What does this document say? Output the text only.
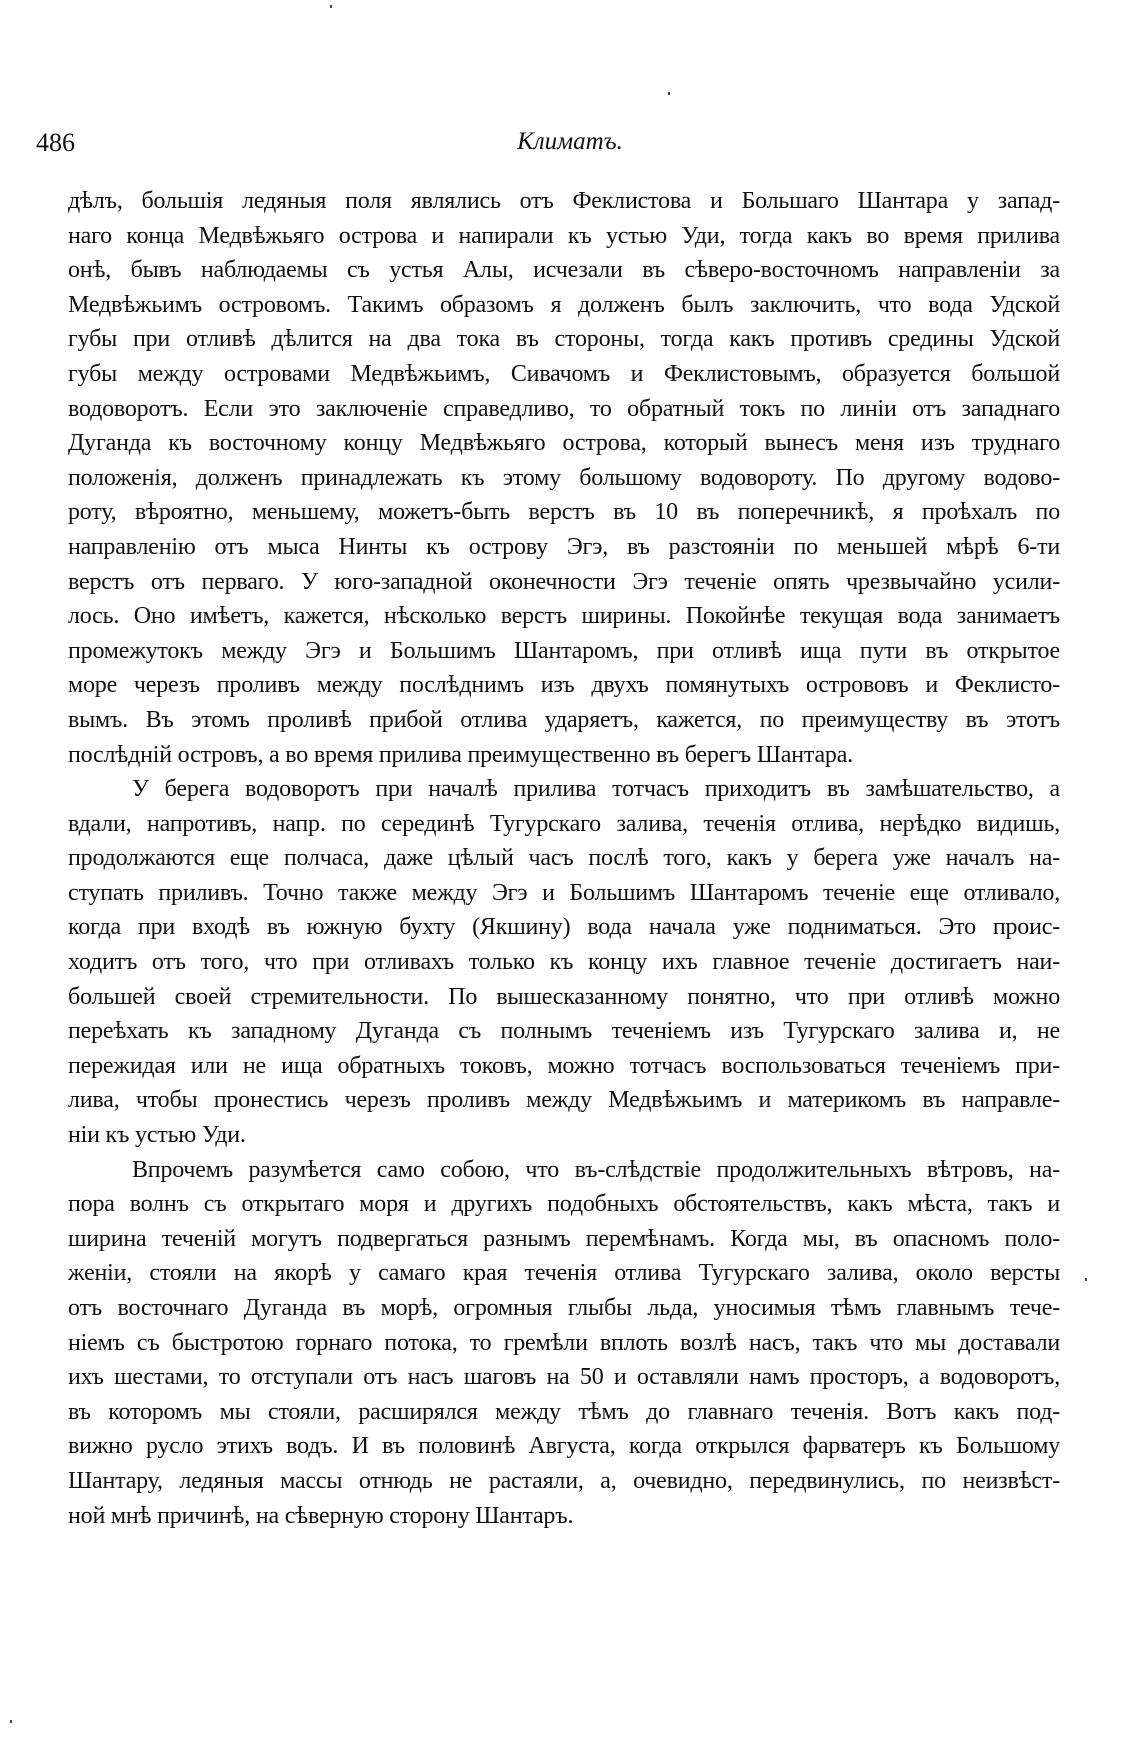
486	Климатъ.
дѣлъ, большія ледяныя поля являлись отъ Феклистова и Большаго Шантара у запад-
наго конца Медвѣжьяго острова и напирали къ устью Уди, тогда какъ во время прилива
онѣ, бывъ наблюдаемы съ устья Алы, исчезали въ сѣверо-восточномъ направленіи за
Медвѣжьимъ островомъ. Такимъ образомъ я долженъ былъ заключить, что вода Удской
губы при отливѣ дѣлится на два тока въ стороны, тогда какъ противъ средины Удской
губы между островами Медвѣжьимъ, Сивачомъ и Феклистовымъ, образуется большой
водоворотъ. Если это заключеніе справедливо, то обратный токъ по линіи отъ западнаго
Дуганда къ восточному концу Медвѣжьяго острова, который вынесъ меня изъ труднаго
положенія, долженъ принадлежать къ этому большому водовороту. По другому водово-
роту, вѣроятно, меньшему, можетъ-быть верстъ въ 10 въ поперечникѣ, я проѣхалъ по
направленію отъ мыса Нинты къ острову Эгэ, въ разстояніи по меньшей мѣрѣ 6-ти
верстъ отъ перваго. У юго-западной оконечности Эгэ теченіе опять чрезвычайно усили-
лось. Оно имѣетъ, кажется, нѣсколько верстъ ширины. Покойнѣе текущая вода занимаетъ
промежутокъ между Эгэ и Большимъ Шантаромъ, при отливѣ ища пути въ открытое
море черезъ проливъ между послѣднимъ изъ двухъ помянутыхъ острововъ и Феклисто-
вымъ. Въ этомъ проливѣ прибой отлива ударяетъ, кажется, по преимуществу въ этотъ
послѣдній островъ, а во время прилива преимущественно въ берегъ Шантара.
У берега водоворотъ при началѣ прилива тотчасъ приходитъ въ замѣшательство, а
вдали, напротивъ, напр. по серединѣ Тугурскаго залива, теченія отлива, нерѣдко видишь,
продолжаются еще полчаса, даже цѣлый часъ послѣ того, какъ у берега уже началъ на-
ступать приливъ. Точно также между Эгэ и Большимъ Шантаромъ теченіе еще отливало,
когда при входѣ въ южную бухту (Якшину) вода начала уже подниматься. Это проис-
ходитъ отъ того, что при отливахъ только къ концу ихъ главное теченіе достигаетъ наи-
большей своей стремительности. По вышесказанному понятно, что при отливѣ можно
переѣхать къ западному Дуганда съ полнымъ теченіемъ изъ Тугурскаго залива и, не
пережидая или не ища обратныхъ токовъ, можно тотчасъ воспользоваться теченіемъ при-
лива, чтобы пронестись черезъ проливъ между Медвѣжьимъ и материкомъ въ направле-
ніи къ устью Уди.
Впрочемъ разумѣется само собою, что въ-слѣдствіе продолжительныхъ вѣтровъ, на-
пора волнъ съ открытаго моря и другихъ подобныхъ обстоятельствъ, какъ мѣста, такъ и
ширина теченій могутъ подвергаться разнымъ перемѣнамъ. Когда мы, въ опасномъ поло-
женіи, стояли на якорѣ у самаго края теченія отлива Тугурскаго залива, около версты
отъ восточнаго Дуганда въ морѣ, огромныя глыбы льда, уносимыя тѣмъ главнымъ тече-
ніемъ съ быстротою горнаго потока, то гремѣли вплоть возлѣ насъ, такъ что мы доставали
ихъ шестами, то отступали отъ насъ шаговъ на 50 и оставляли намъ просторъ, а водоворотъ,
въ которомъ мы стояли, расширялся между тѣмъ до главнаго теченія. Вотъ какъ под-
вижно русло этихъ водъ. И въ половинѣ Августа, когда открылся фарватеръ къ Большому
Шантару, ледяныя массы отнюдь не растаяли, а, очевидно, передвинулись, по неизвѣст-
ной мнѣ причинѣ, на сѣверную сторону Шантаръ.
